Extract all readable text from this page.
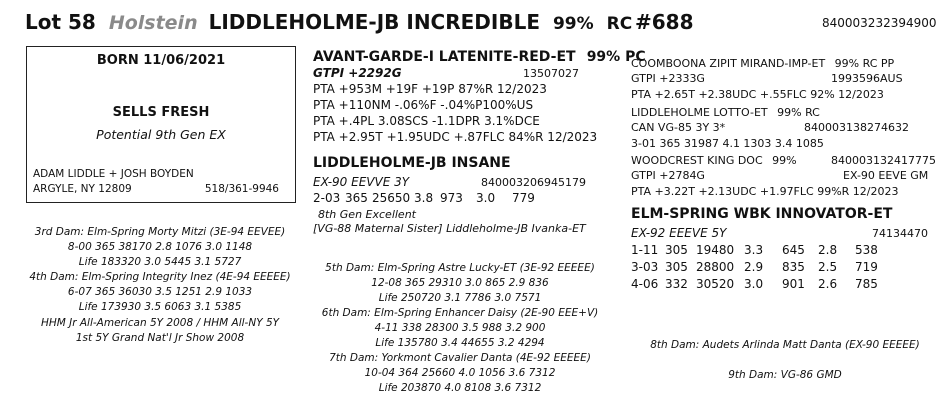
Lot 58 Holstein LIDDLEHOLME-JB INCREDIBLE 99% RC #688	840003232394900
BORN 11/06/2021
SELLS FRESH
Potential 9th Gen EX
ADAM LIDDLE + JOSH BOYDEN
ARGYLE, NY 12809	518/361-9946
AVANT-GARDE-I LATENITE-RED-ET 99% PC
GTPI +2292G	13507027
PTA +953M +19F +19P 87%R 12/2023
PTA +110NM -.06%F -.04%P100%US
PTA +.4PL 3.08SCS -1.1DPR 3.1%DCE
PTA +2.95T +1.95UDC +.87FLC 84%R 12/2023
LIDDLEHOLME-JB INSANE
EX-90 EEVVE 3Y	840003206945179
2-03 365 25650 3.8 973 3.0 779
8th Gen Excellent
[VG-88 Maternal Sister] Liddleholme-JB Ivanka-ET
COOMBOONA ZIPIT MIRAND-IMP-ET 99% RC PP
GTPI +2333G	1993596AUS
PTA +2.65T +2.38UDC +.55FLC 92% 12/2023
LIDDLEHOLME LOTTO-ET 99% RC
CAN VG-85 3Y 3*	840003138274632
3-01 365 31987 4.1 1303 3.4 1085
WOODCREST KING DOC 99%	840003132417775
GTPI +2784G	EX-90 EEVE GM
PTA +3.22T +2.13UDC +1.97FLC 99%R 12/2023
ELM-SPRING WBK INNOVATOR-ET
EX-92 EEEVE 5Y	74134470
1-11 305 19480 3.3 645 2.8 538
3-03 305 28800 2.9 835 2.5 719
4-06 332 30520 3.0 901 2.6 785
3rd Dam: Elm-Spring Morty Mitzi (3E-94 EEVEE)
8-00 365 38170 2.8 1076 3.0 1148
Life 183320 3.0 5445 3.1 5727
4th Dam: Elm-Spring Integrity Inez (4E-94 EEEEE)
6-07 365 36030 3.5 1251 2.9 1033
Life 173930 3.5 6063 3.1 5385
HHM Jr All-American 5Y 2008 / HHM All-NY 5Y
1st 5Y Grand Nat'l Jr Show 2008
5th Dam: Elm-Spring Astre Lucky-ET (3E-92 EEEEE)
12-08 365 29310 3.0 865 2.9 836
Life 250720 3.1 7786 3.0 7571
6th Dam: Elm-Spring Enhancer Daisy (2E-90 EEE+V)
4-11 338 28300 3.5 988 3.2 900
Life 135780 3.4 44655 3.2 4294
7th Dam: Yorkmont Cavalier Danta (4E-92 EEEEE)
10-04 364 25660 4.0 1056 3.6 7312
Life 203870 4.0 8108 3.6 7312
8th Dam: Audets Arlinda Matt Danta (EX-90 EEEEE)
9th Dam: VG-86 GMD
